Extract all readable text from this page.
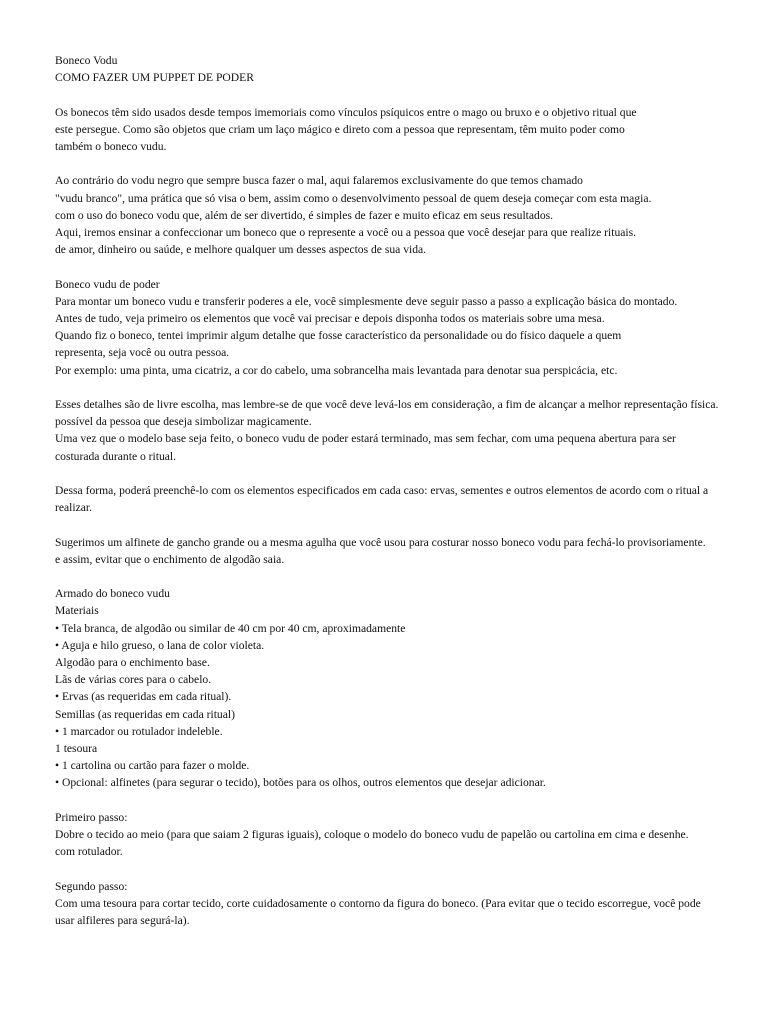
Boneco Vodu
COMO FAZER UM PUPPET DE PODER
Os bonecos têm sido usados desde tempos imemoriais como vínculos psíquicos entre o mago ou bruxo e o objetivo ritual que
este persegue. Como são objetos que criam um laço mágico e direto com a pessoa que representam, têm muito poder como
também o boneco vudu.
Ao contrário do vodu negro que sempre busca fazer o mal, aqui falaremos exclusivamente do que temos chamado
"vudu branco", uma prática que só visa o bem, assim como o desenvolvimento pessoal de quem deseja começar com esta magia.
com o uso do boneco vodu que, além de ser divertido, é simples de fazer e muito eficaz em seus resultados.
Aqui, iremos ensinar a confeccionar um boneco que o represente a você ou a pessoa que você desejar para que realize rituais.
de amor, dinheiro ou saúde, e melhore qualquer um desses aspectos de sua vida.
Boneco vudu de poder
Para montar um boneco vudu e transferir poderes a ele, você simplesmente deve seguir passo a passo a explicação básica do montado.
Antes de tudo, veja primeiro os elementos que você vai precisar e depois disponha todos os materiais sobre uma mesa.
Quando fiz o boneco, tentei imprimir algum detalhe que fosse característico da personalidade ou do físico daquele a quem
representa, seja você ou outra pessoa.
Por exemplo: uma pinta, uma cicatriz, a cor do cabelo, uma sobrancelha mais levantada para denotar sua perspicácia, etc.
Esses detalhes são de livre escolha, mas lembre-se de que você deve levá-los em consideração, a fim de alcançar a melhor representação física.
possível da pessoa que deseja simbolizar magicamente.
Uma vez que o modelo base seja feito, o boneco vudu de poder estará terminado, mas sem fechar, com uma pequena abertura para ser
costurada durante o ritual.
Dessa forma, poderá preenchê-lo com os elementos especificados em cada caso: ervas, sementes e outros elementos de acordo com o ritual a
realizar.
Sugerimos um alfinete de gancho grande ou a mesma agulha que você usou para costurar nosso boneco vodu para fechá-lo provisoriamente.
e assim, evitar que o enchimento de algodão saia.
Armado do boneco vudu
Materiais
• Tela branca, de algodão ou similar de 40 cm por 40 cm, aproximadamente
• Aguja e hilo grueso, o lana de color violeta.
Algodão para o enchimento base.
Lãs de várias cores para o cabelo.
• Ervas (as requeridas em cada ritual).
Semillas (as requeridas em cada ritual)
• 1 marcador ou rotulador indeleble.
1 tesoura
• 1 cartolina ou cartão para fazer o molde.
• Opcional: alfinetes (para segurar o tecido), botões para os olhos, outros elementos que desejar adicionar.
Primeiro passo:
Dobre o tecido ao meio (para que saiam 2 figuras iguais), coloque o modelo do boneco vudu de papelão ou cartolina em cima e desenhe.
com rotulador.
Segundo passo:
Com uma tesoura para cortar tecido, corte cuidadosamente o contorno da figura do boneco. (Para evitar que o tecido escorregue, você pode
usar alfileres para segurá-la).
